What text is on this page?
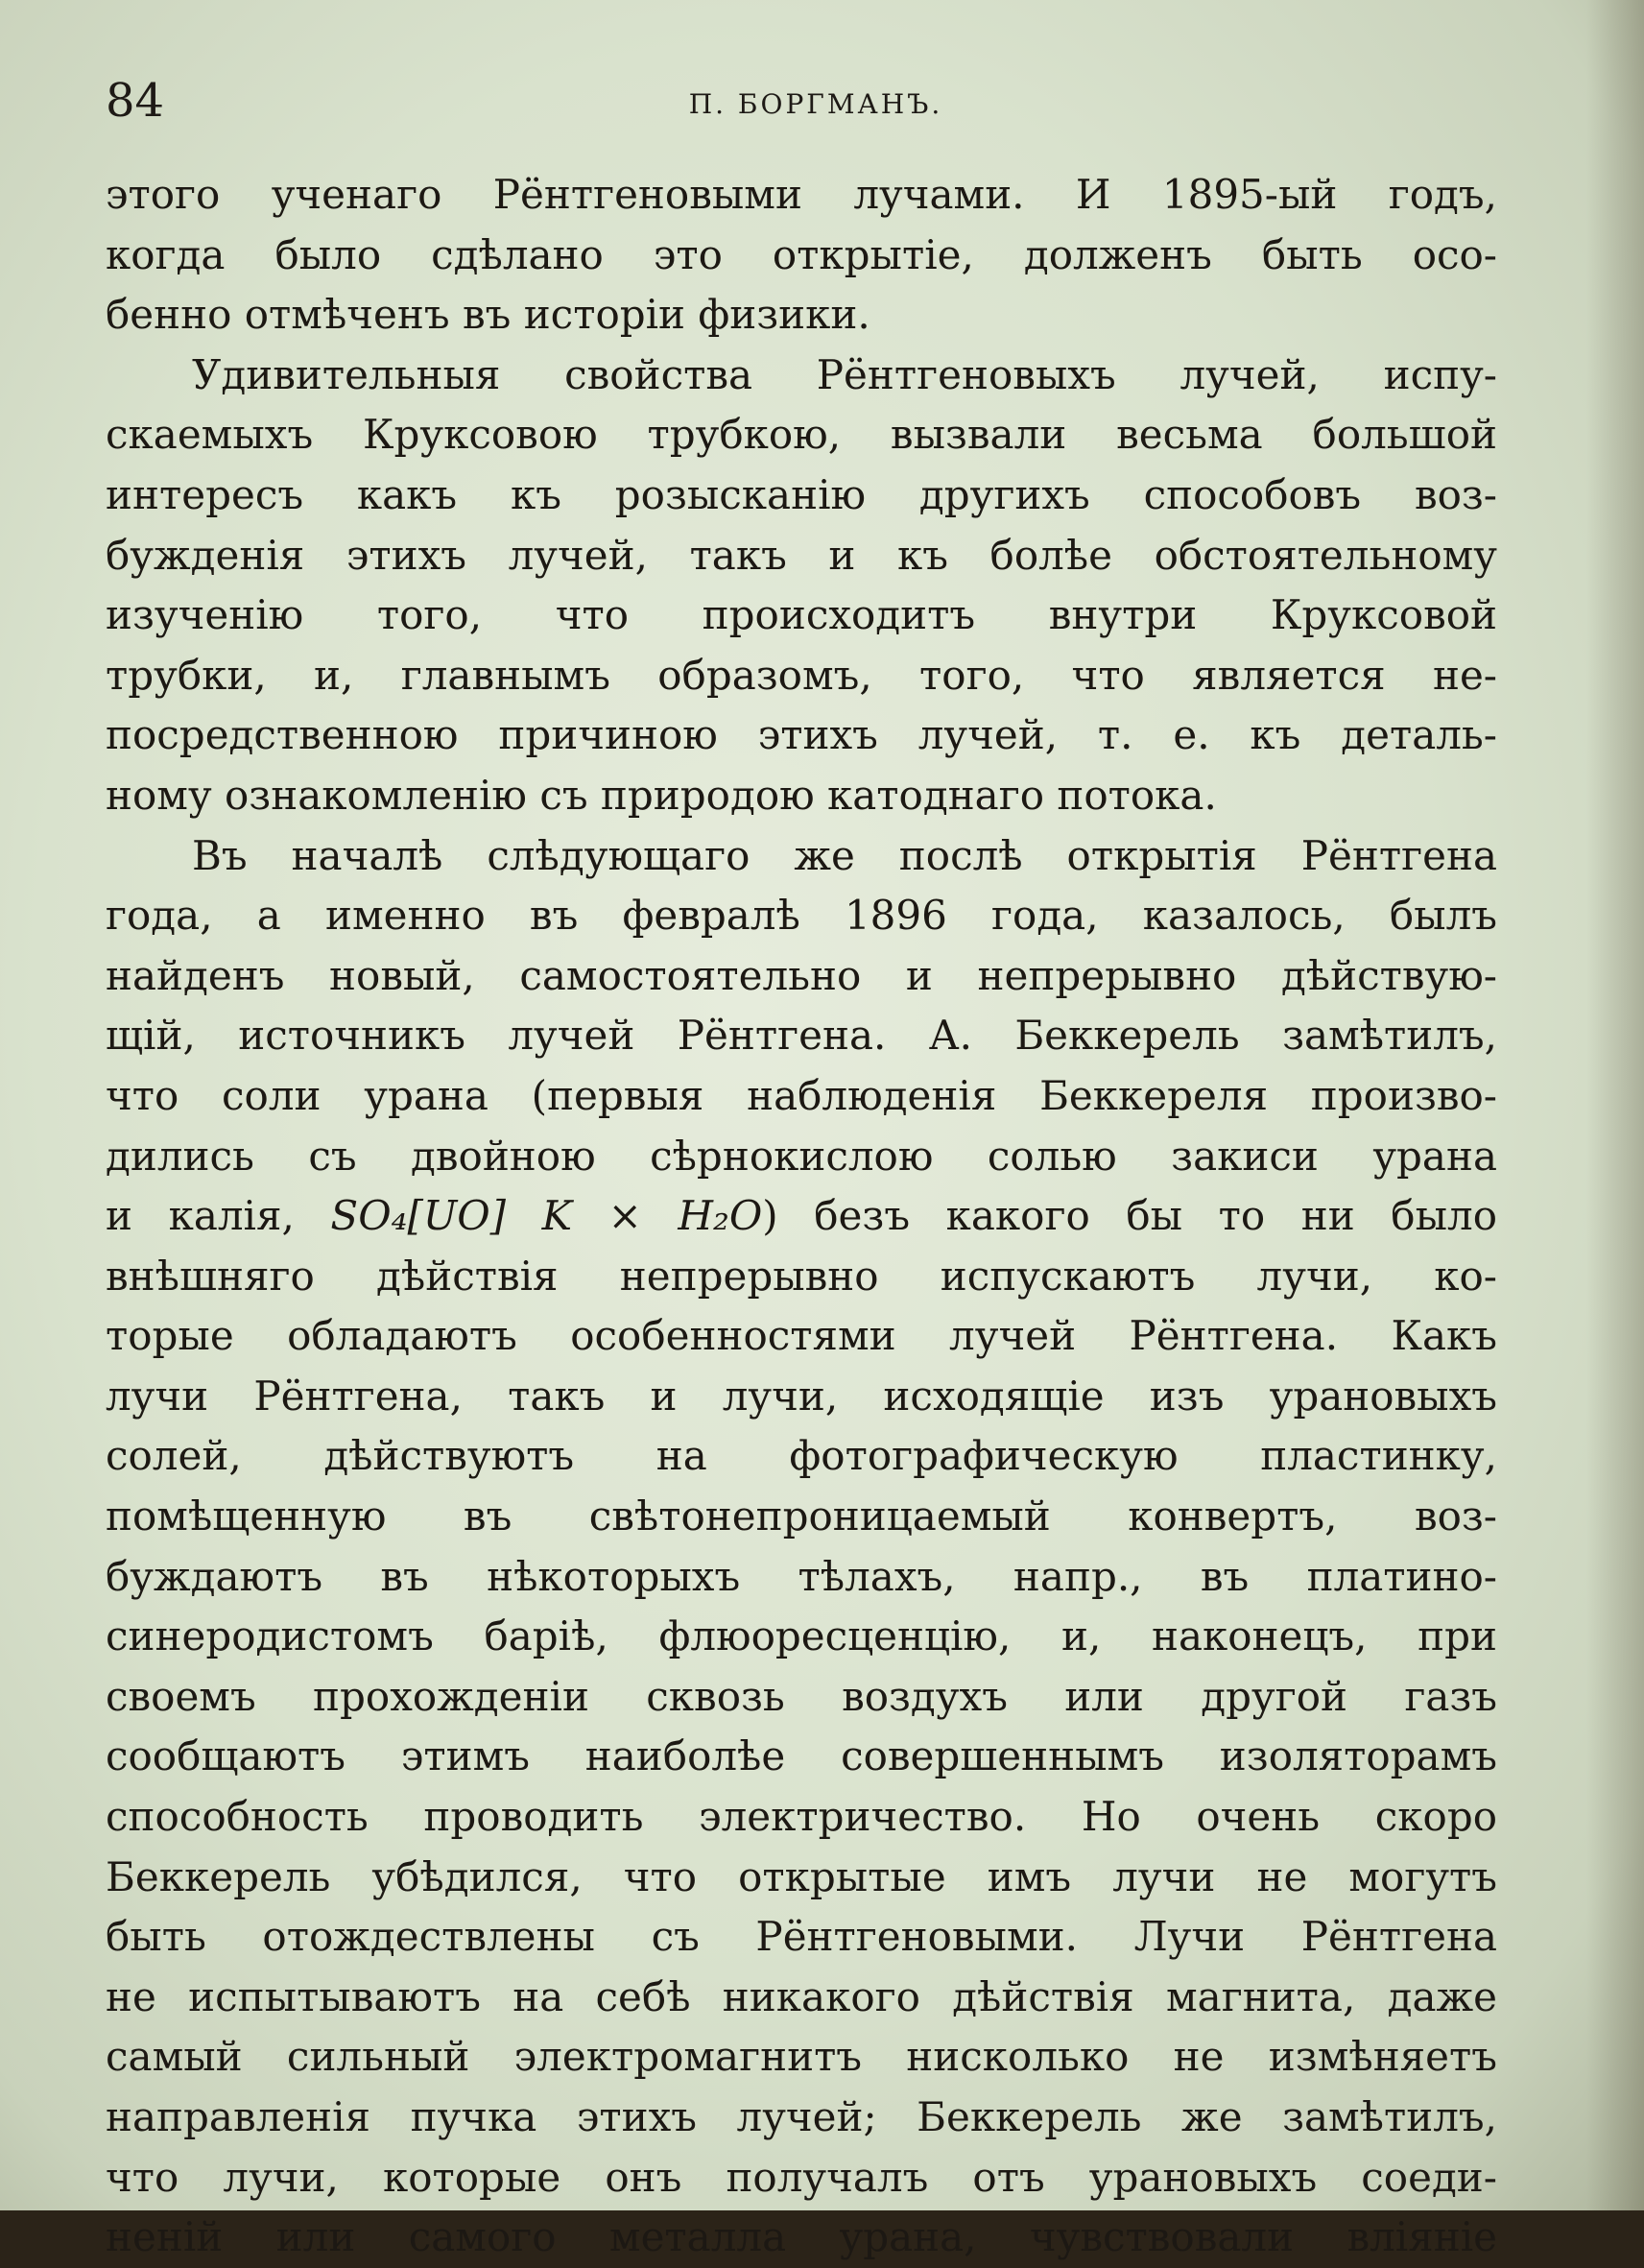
84	П. БОРГМАНЪ.
этого ученаго Рёнтгеновыми лучами. И 1895-ый годъ,
когда было сдѣлано это открытіе, долженъ быть осо-
бенно отмѣченъ въ исторіи физики.
Удивительныя свойства Рёнтгеновыхъ лучей, испу-
скаемыхъ Круксовою трубкою, вызвали весьма большой
интересъ какъ къ розысканію другихъ способовъ воз-
бужденія этихъ лучей, такъ и къ болѣе обстоятельному
изученію того, что происходитъ внутри Круксовой
трубки, и, главнымъ образомъ, того, что является не-
посредственною причиною этихъ лучей, т. е. къ деталь-
ному ознакомленію съ природою катоднаго потока.
Въ началѣ слѣдующаго же послѣ открытія Рёнтгена
года, а именно въ февралѣ 1896 года, казалось, былъ
найденъ новый, самостоятельно и непрерывно дѣйствую-
щій, источникъ лучей Рёнтгена. А. Беккерель замѣтилъ,
что соли урана (первыя наблюденія Беккереля произво-
дились съ двойною сѣрнокислою солью закиси урана
и калія, SO₄[UO] K × H₂O) безъ какого бы то ни было
внѣшняго дѣйствія непрерывно испускаютъ лучи, ко-
торые обладаютъ особенностями лучей Рёнтгена. Какъ
лучи Рёнтгена, такъ и лучи, исходящіе изъ урановыхъ
солей, дѣйствуютъ на фотографическую пластинку,
помѣщенную въ свѣтонепроницаемый конвертъ, воз-
буждаютъ въ нѣкоторыхъ тѣлахъ, напр., въ платино-
синеродистомъ баріѣ, флюоресценцію, и, наконецъ, при
своемъ прохожденіи сквозь воздухъ или другой газъ
сообщаютъ этимъ наиболѣе совершеннымъ изоляторамъ
способность проводить электричество. Но очень скоро
Беккерель убѣдился, что открытые имъ лучи не могутъ
быть отождествлены съ Рёнтгеновыми. Лучи Рёнтгена
не испытываютъ на себѣ никакого дѣйствія магнита, даже
самый сильный электромагнитъ нисколько не измѣняетъ
направленія пучка этихъ лучей; Беккерель же замѣтилъ,
что лучи, которые онъ получалъ отъ урановыхъ соеди-
неній или самого металла урана, чувствовали вліяніе
